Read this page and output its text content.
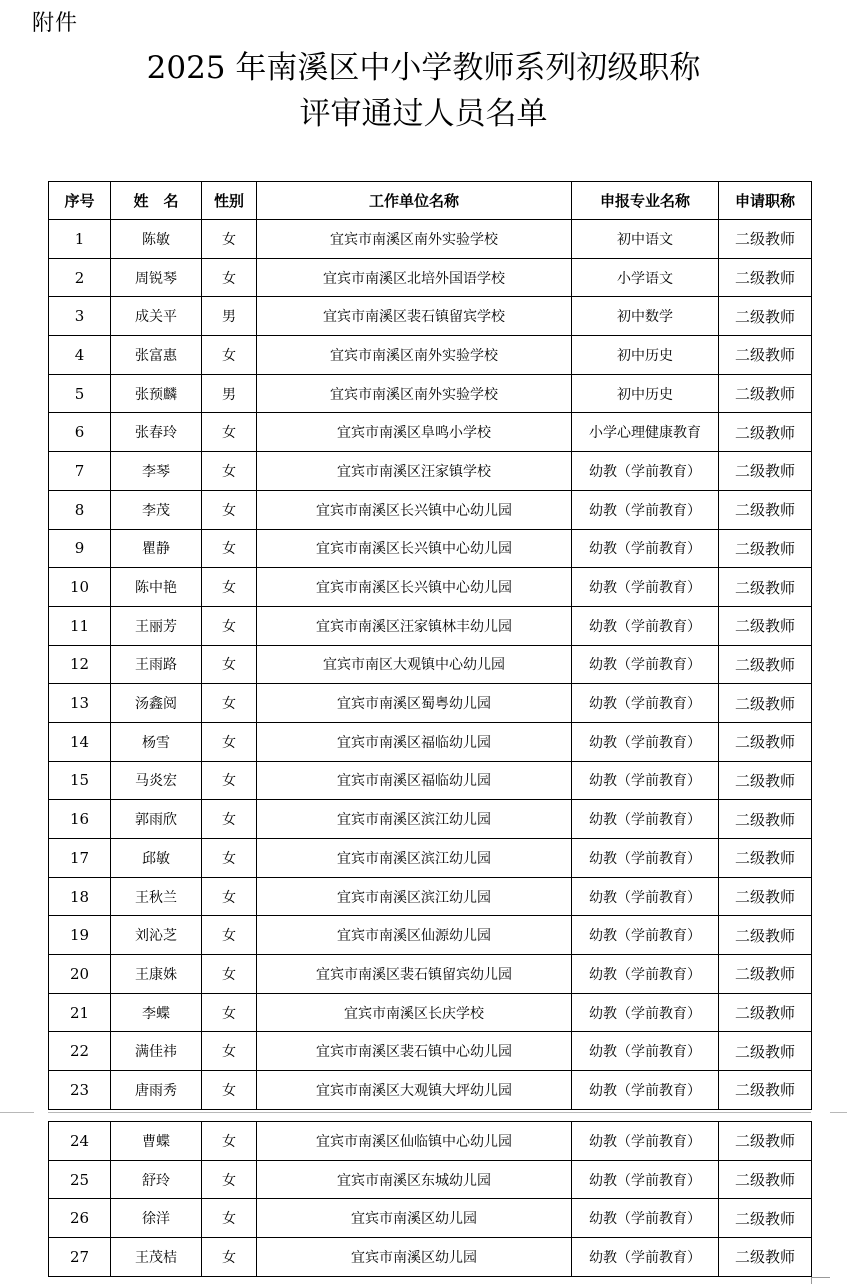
附件
2025 年南溪区中小学教师系列初级职称
评审通过人员名单
序号	姓　名	性别	工作单位名称	申报专业名称	申请职称
1	陈敏	女	宜宾市南溪区南外实验学校	初中语文	二级教师
2	周锐琴	女	宜宾市南溪区北培外国语学校	小学语文	二级教师
3	成关平	男	宜宾市南溪区裴石镇留宾学校	初中数学	二级教师
4	张富惠	女	宜宾市南溪区南外实验学校	初中历史	二级教师
5	张预麟	男	宜宾市南溪区南外实验学校	初中历史	二级教师
6	张春玲	女	宜宾市南溪区阜鸣小学校	小学心理健康教育	二级教师
7	李琴	女	宜宾市南溪区汪家镇学校	幼教（学前教育）	二级教师
8	李茂	女	宜宾市南溪区长兴镇中心幼儿园	幼教（学前教育）	二级教师
9	瞿静	女	宜宾市南溪区长兴镇中心幼儿园	幼教（学前教育）	二级教师
10	陈中艳	女	宜宾市南溪区长兴镇中心幼儿园	幼教（学前教育）	二级教师
11	王丽芳	女	宜宾市南溪区汪家镇林丰幼儿园	幼教（学前教育）	二级教师
12	王雨路	女	宜宾市南区大观镇中心幼儿园	幼教（学前教育）	二级教师
13	汤鑫阅	女	宜宾市南溪区蜀粤幼儿园	幼教（学前教育）	二级教师
14	杨雪	女	宜宾市南溪区福临幼儿园	幼教（学前教育）	二级教师
15	马炎宏	女	宜宾市南溪区福临幼儿园	幼教（学前教育）	二级教师
16	郭雨欣	女	宜宾市南溪区滨江幼儿园	幼教（学前教育）	二级教师
17	邱敏	女	宜宾市南溪区滨江幼儿园	幼教（学前教育）	二级教师
18	王秋兰	女	宜宾市南溪区滨江幼儿园	幼教（学前教育）	二级教师
19	刘沁芝	女	宜宾市南溪区仙源幼儿园	幼教（学前教育）	二级教师
20	王康姝	女	宜宾市南溪区裴石镇留宾幼儿园	幼教（学前教育）	二级教师
21	李蝶	女	宜宾市南溪区长庆学校	幼教（学前教育）	二级教师
22	满佳祎	女	宜宾市南溪区裴石镇中心幼儿园	幼教（学前教育）	二级教师
23	唐雨秀	女	宜宾市南溪区大观镇大坪幼儿园	幼教（学前教育）	二级教师
24	曹蝶	女	宜宾市南溪区仙临镇中心幼儿园	幼教（学前教育）	二级教师
25	舒玲	女	宜宾市南溪区东城幼儿园	幼教（学前教育）	二级教师
26	徐洋	女	宜宾市南溪区幼儿园	幼教（学前教育）	二级教师
27	王茂桔	女	宜宾市南溪区幼儿园	幼教（学前教育）	二级教师
